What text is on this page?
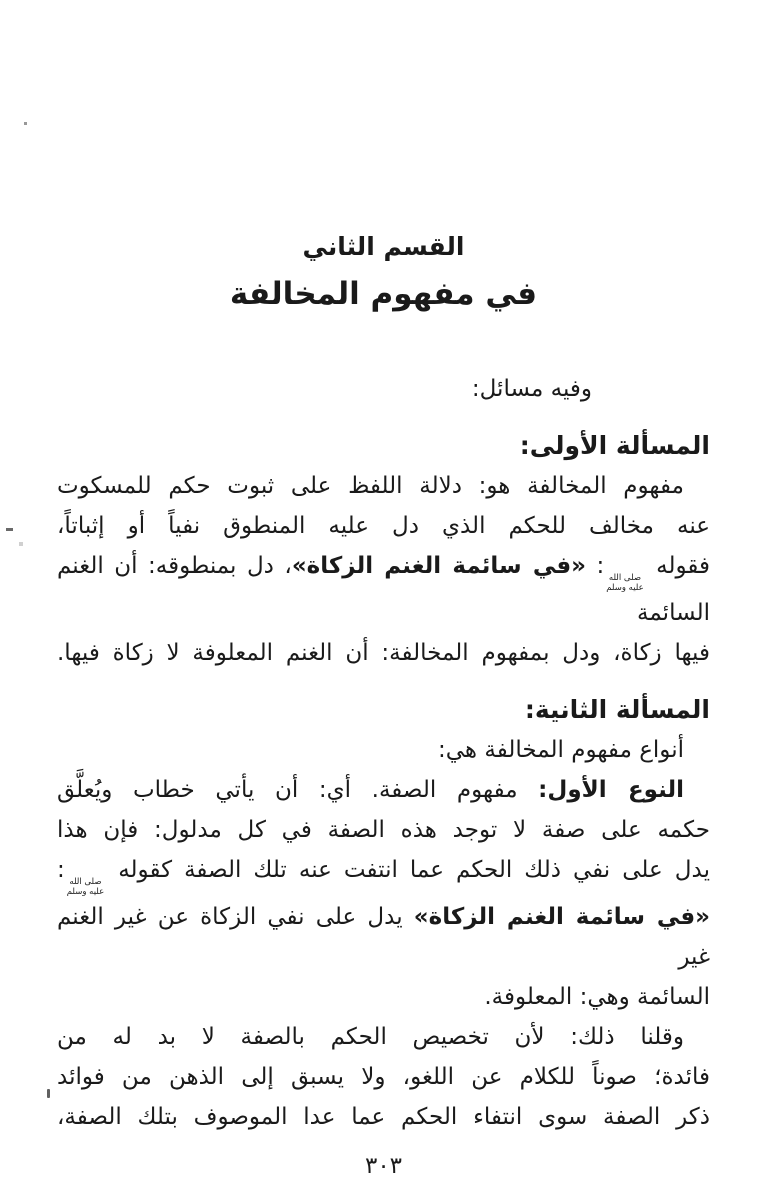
القسم الثاني
في مفهوم المخالفة

وفيه مسائل:

المسألة الأولى:
مفهوم المخالفة هو: دلالة اللفظ على ثبوت حكم للمسكوت
عنه مخالف للحكم الذي دل عليه المنطوق نفياً أو إثباتاً،
فقوله
صلى الله
عليه وسلم
: «في سائمة الغنم الزكاة»، دل بمنطوقه: أن الغنم السائمة
فيها زكاة، ودل بمفهوم المخالفة: أن الغنم المعلوفة لا زكاة فيها.
المسألة الثانية:
أنواع مفهوم المخالفة هي:
النوع الأول: مفهوم الصفة. أي: أن يأتي خطاب ويُعلَّق
حكمه على صفة لا توجد هذه الصفة في كل مدلول: فإن هذا
يدل على نفي ذلك الحكم عما انتفت عنه تلك الصفة كقوله
صلى الله
عليه وسلم
:
«في سائمة الغنم الزكاة» يدل على نفي الزكاة عن غير الغنم غير
السائمة وهي: المعلوفة.
وقلنا ذلك: لأن تخصيص الحكم بالصفة لا بد له من
فائدة؛ صوناً للكلام عن اللغو، ولا يسبق إلى الذهن من فوائد
ذكر الصفة سوى انتفاء الحكم عما عدا الموصوف بتلك الصفة،
٣٠٣
